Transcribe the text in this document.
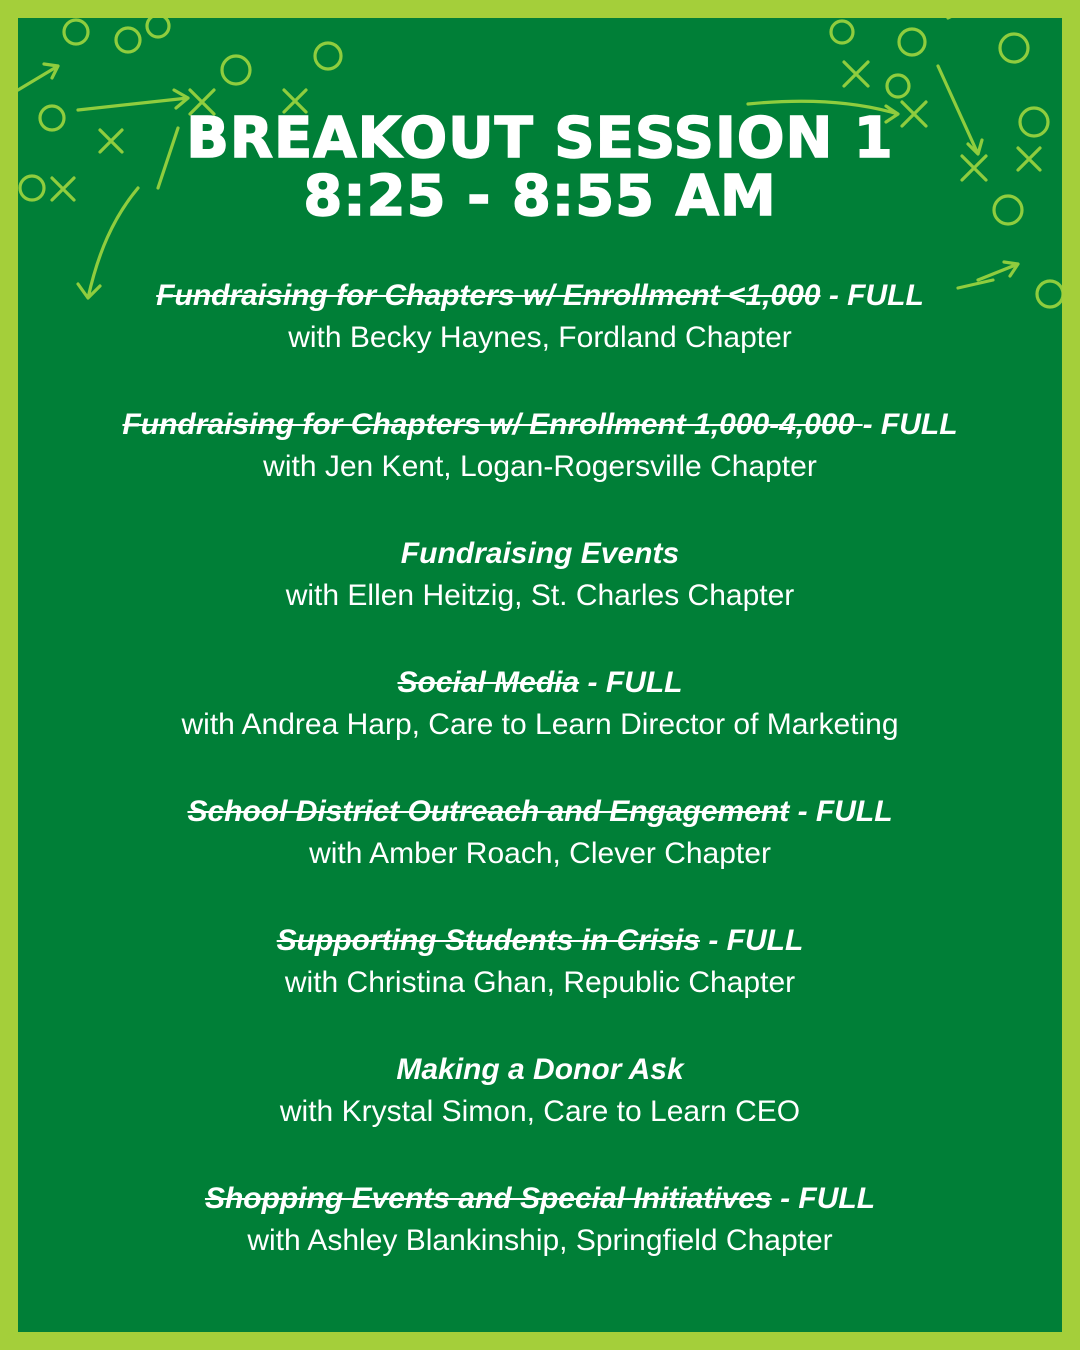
BREAKOUT SESSION 1
8:25 - 8:55 AM
Fundraising for Chapters w/ Enrollment <1,000 - FULL
with Becky Haynes, Fordland Chapter
Fundraising for Chapters w/ Enrollment 1,000-4,000 - FULL
with Jen Kent, Logan-Rogersville Chapter
Fundraising Events
with Ellen Heitzig, St. Charles Chapter
Social Media - FULL
with Andrea Harp, Care to Learn Director of Marketing
School District Outreach and Engagement - FULL
with Amber Roach, Clever Chapter
Supporting Students in Crisis - FULL
with Christina Ghan, Republic Chapter
Making a Donor Ask
with Krystal Simon, Care to Learn CEO
Shopping Events and Special Initiatives - FULL
with Ashley Blankinship, Springfield Chapter
